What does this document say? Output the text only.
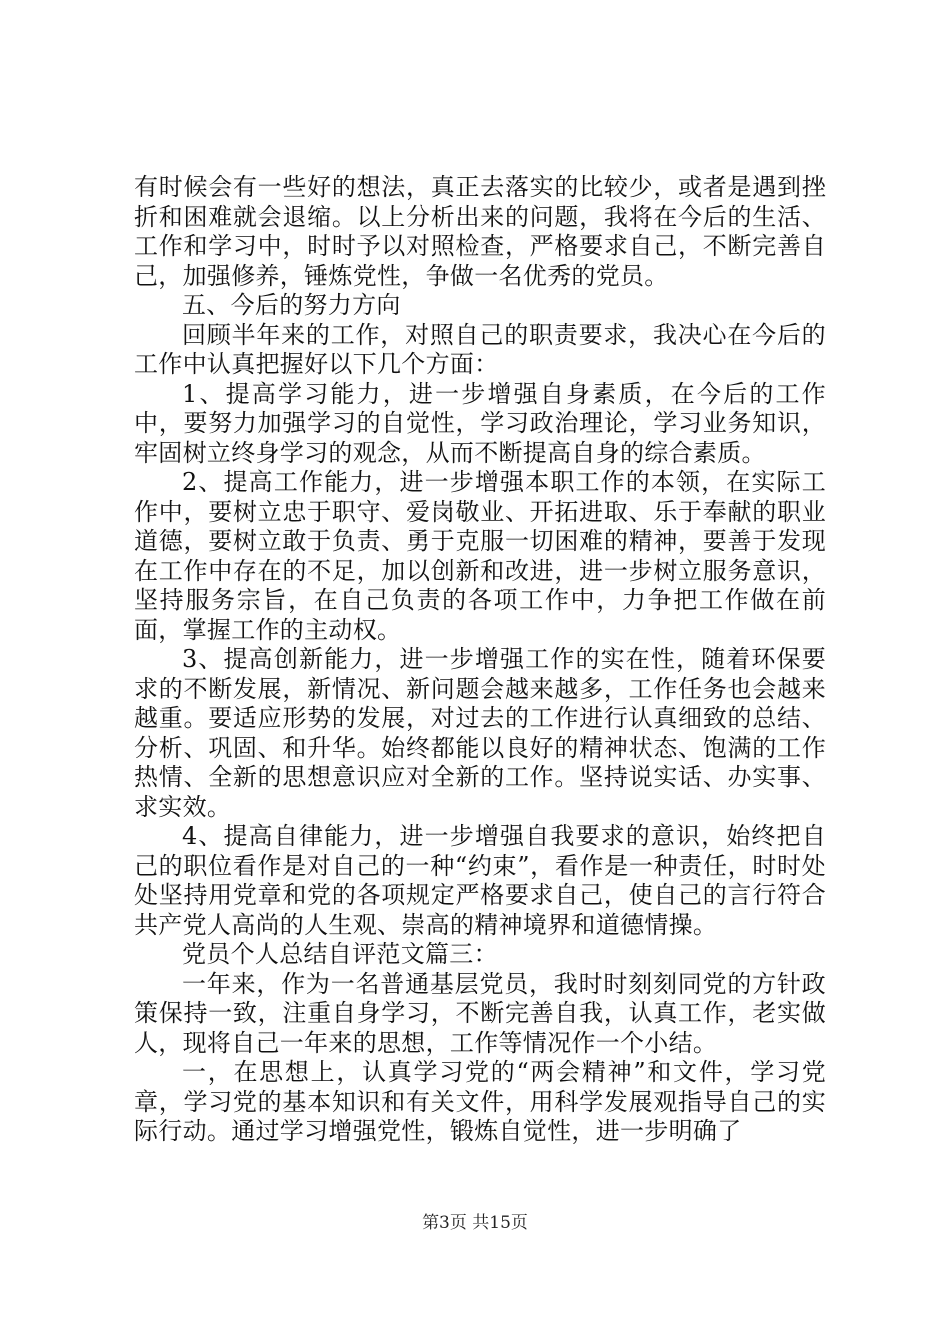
有时候会有一些好的想法，真正去落实的比较少，或者是遇到挫折和困难就会退缩。以上分析出来的问题，我将在今后的生活、工作和学习中，时时予以对照检查，严格要求自己，不断完善自己，加强修养，锤炼党性，争做一名优秀的党员。

五、今后的努力方向

回顾半年来的工作，对照自己的职责要求，我决心在今后的工作中认真把握好以下几个方面：

1、提高学习能力，进一步增强自身素质，在今后的工作中，要努力加强学习的自觉性，学习政治理论，学习业务知识，牢固树立终身学习的观念，从而不断提高自身的综合素质。

2、提高工作能力，进一步增强本职工作的本领，在实际工作中，要树立忠于职守、爱岗敬业、开拓进取、乐于奉献的职业道德，要树立敢于负责、勇于克服一切困难的精神，要善于发现在工作中存在的不足，加以创新和改进，进一步树立服务意识，坚持服务宗旨，在自己负责的各项工作中，力争把工作做在前面，掌握工作的主动权。

3、提高创新能力，进一步增强工作的实在性，随着环保要求的不断发展，新情况、新问题会越来越多，工作任务也会越来越重。要适应形势的发展，对过去的工作进行认真细致的总结、分析、巩固、和升华。始终都能以良好的精神状态、饱满的工作热情、全新的思想意识应对全新的工作。坚持说实话、办实事、求实效。

4、提高自律能力，进一步增强自我要求的意识，始终把自己的职位看作是对自己的一种“约束”，看作是一种责任，时时处处坚持用党章和党的各项规定严格要求自己，使自己的言行符合共产党人高尚的人生观、崇高的精神境界和道德情操。

党员个人总结自评范文篇三：

一年来，作为一名普通基层党员，我时时刻刻同党的方针政策保持一致，注重自身学习，不断完善自我，认真工作，老实做人，现将自己一年来的思想，工作等情况作一个小结。

一，在思想上，认真学习党的“两会精神”和文件，学习党章，学习党的基本知识和有关文件，用科学发展观指导自己的实际行动。通过学习增强党性，锻炼自觉性，进一步明确了

第3页 共15页
